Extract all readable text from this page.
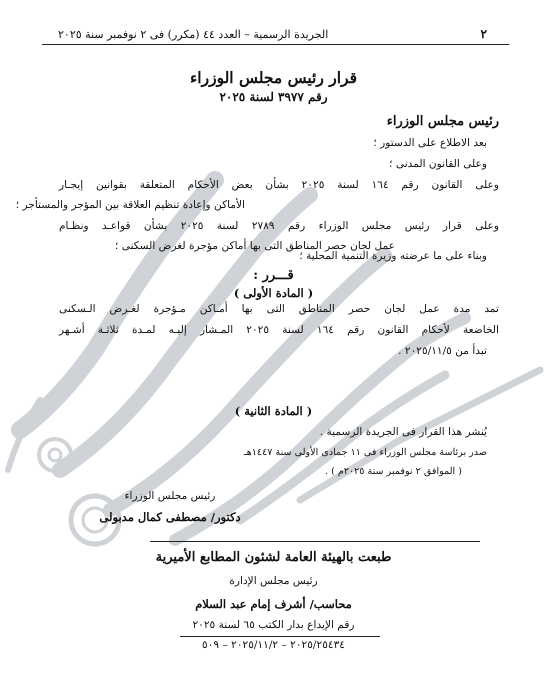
٢
الجريدة الرسمية – العدد ٤٤ (مكرر) فى ٢ نوفمبر سنة ٢٠٢٥
قرار رئيس مجلس الوزراء
رقم ٣٩٧٧ لسنة ٢٠٢٥
رئيس مجلس الوزراء
بعد الاطلاع على الدستور ؛
وعلى القانون المدنى ؛
وعلى القانون رقم ١٦٤ لسنة ٢٠٢٥ بشأن بعض الأحكام المتعلقة بقوانين إيجـار
الأماكن وإعادة تنظيم العلاقة بين المؤجر والمستأجر ؛
وعلى قرار رئيس مجلس الوزراء رقم ٢٧٨٩ لسنة ٢٠٢٥ بشأن قواعـد ونظـام
عمل لجان حصر المناطق التى بها أماكن مؤجرة لغرض السكنى ؛
قـــرر :
( المادة الأولى )
تمد مدة عمل لجان حصر المناطق التى بها أمـاكن مـؤجرة لغـرض الـسكنى
الخاضعة لأحكام القانون رقم ١٦٤ لسنة ٢٠٢٥ المـشار إليـه لمـدة ثلاثـة أشـهر
تبدأ من ٢٠٢٥/١١/٥ .
( المادة الثانية )
يُنشر هذا القرار فى الجريدة الرسمية .
صدر برئاسة مجلس الوزراء فى ١١ جمادى الأولى سنة ١٤٤٧هـ
( الموافق ٢ نوفمبر سنة ٢٠٢٥م ) .
رئيس مجلس الوزراء
دكتور/ مصطفى كمال مدبولى
طبعت بالهيئة العامة لشئون المطابع الأميرية
رئيس مجلس الإدارة
محاسب/ أشرف إمام عبد السلام
رقم الإيداع بدار الكتب ٦٥ لسنة ٢٠٢٥
٢٠٢٥/٢٥٤٣٤ – ٢٠٢٥/١١/٢ – ٥٠٩
وبناء على ما عرضته وزيرة التنمية المحلية ؛
